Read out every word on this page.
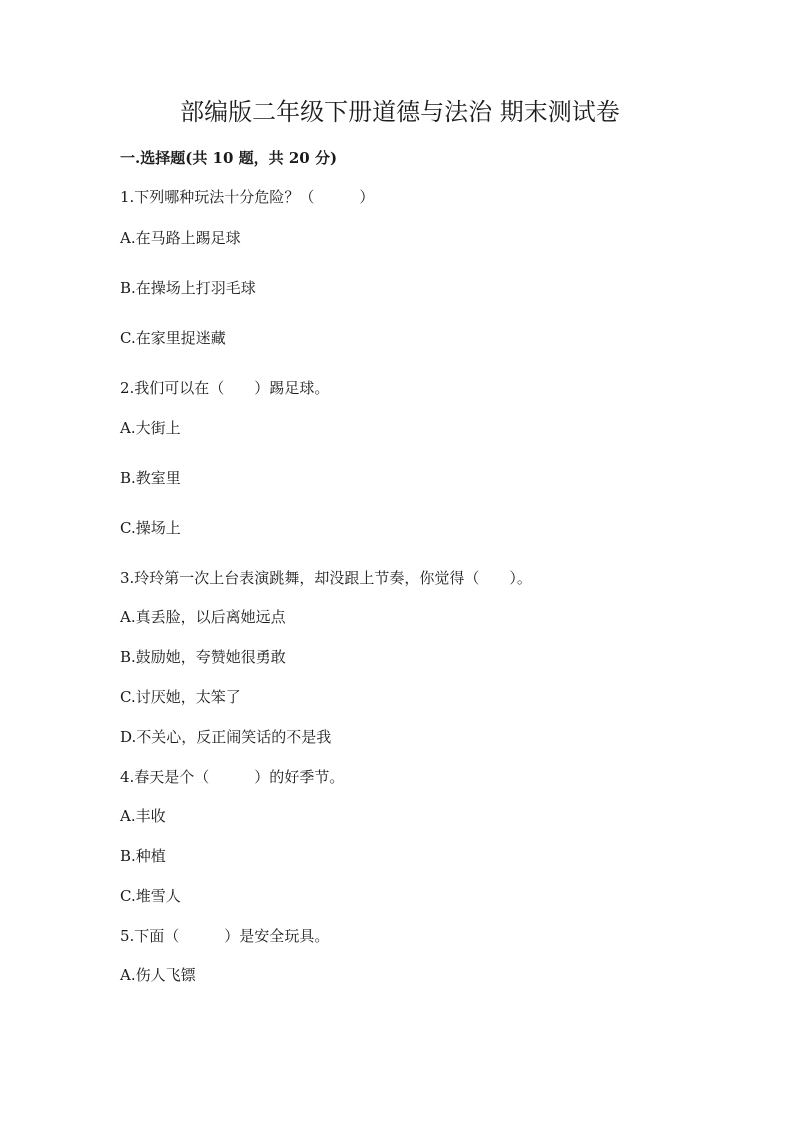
部编版二年级下册道德与法治 期末测试卷
一.选择题(共 10 题，共 20 分)
1.下列哪种玩法十分危险？（　　　）
A.在马路上踢足球
B.在操场上打羽毛球
C.在家里捉迷藏
2.我们可以在（　　）踢足球。
A.大街上
B.教室里
C.操场上
3.玲玲第一次上台表演跳舞，却没跟上节奏，你觉得（　　）。
A.真丢脸，以后离她远点
B.鼓励她，夸赞她很勇敢
C.讨厌她，太笨了
D.不关心，反正闹笑话的不是我
4.春天是个（　　　）的好季节。
A.丰收
B.种植
C.堆雪人
5.下面（　　　）是安全玩具。
A.伤人飞镖
